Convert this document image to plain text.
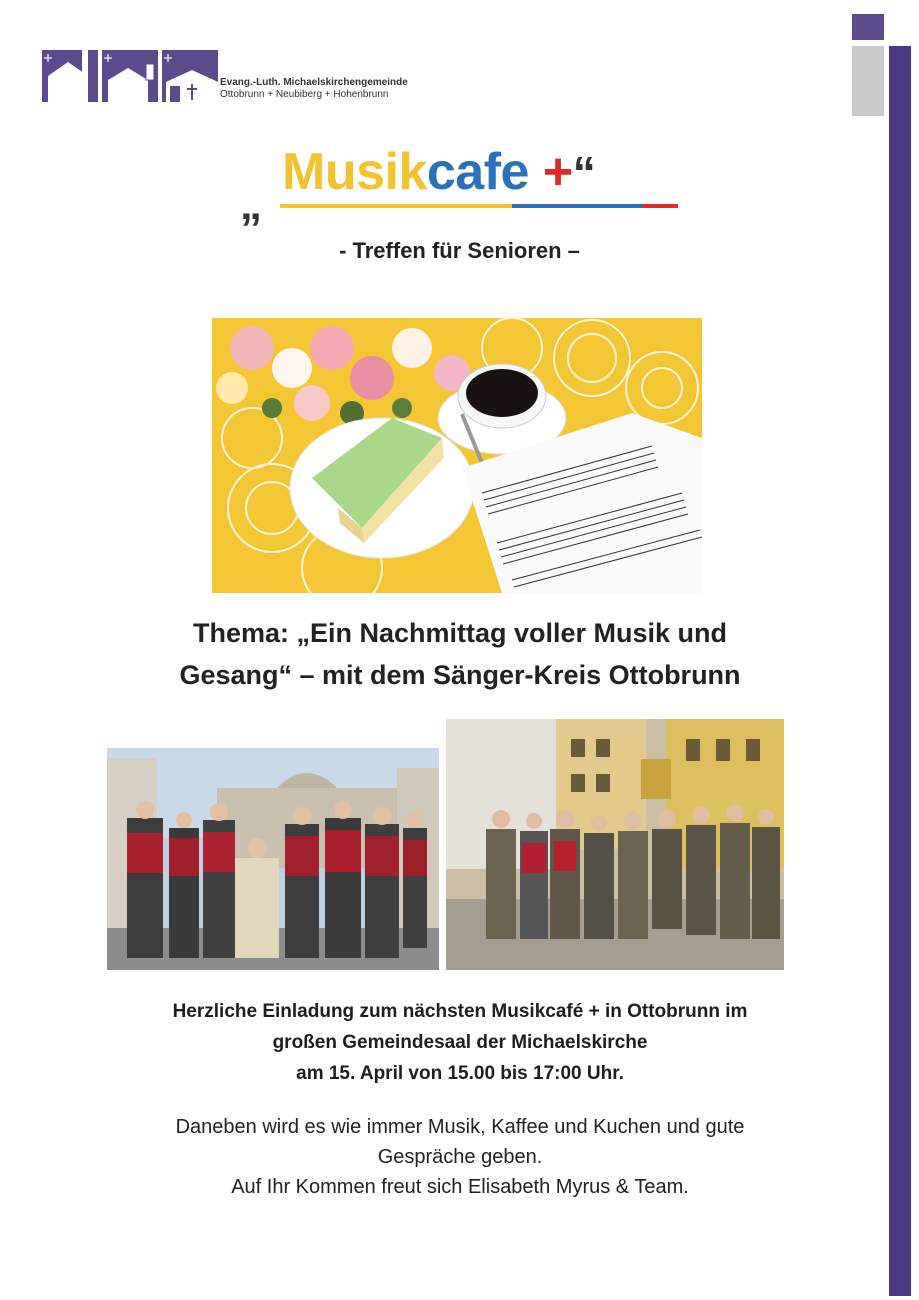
Evang.-Luth. Michaelskirchengemeinde
Ottobrunn + Neubiberg + Hohenbrunn
„
Musikcafe +“
- Treffen für Senioren –
Thema: „Ein Nachmittag voller Musik und
Gesang“ – mit dem Sänger-Kreis Ottobrunn
Herzliche Einladung zum nächsten Musikcafé + in Ottobrunn im
großen Gemeindesaal der Michaelskirche
am 15. April von 15.00 bis 17:00 Uhr.
Daneben wird es wie immer Musik, Kaffee und Kuchen und gute
Gespräche geben.
Auf Ihr Kommen freut sich Elisabeth Myrus & Team.
